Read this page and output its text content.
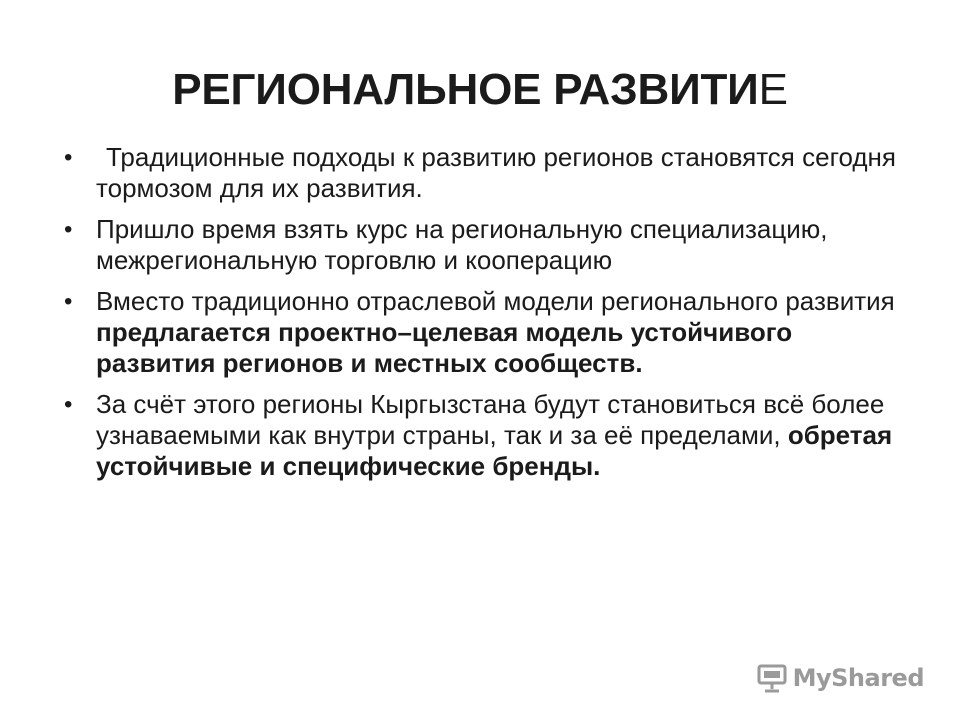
РЕГИОНАЛЬНОЕ РАЗВИТИЕ
•	Традиционные подходы к развитию регионов становятся сегодня тормозом для их развития.
• Пришло время взять курс на региональную специализацию, межрегиональную торговлю и кооперацию
• Вместо традиционно отраслевой модели регионального развития предлагается проектно–целевая модель устойчивого развития регионов и местных сообществ.
• За счёт этого регионы Кыргызстана будут становиться всё более узнаваемыми как внутри страны, так и за её пределами, обретая устойчивые и специфические бренды.
MyShared
